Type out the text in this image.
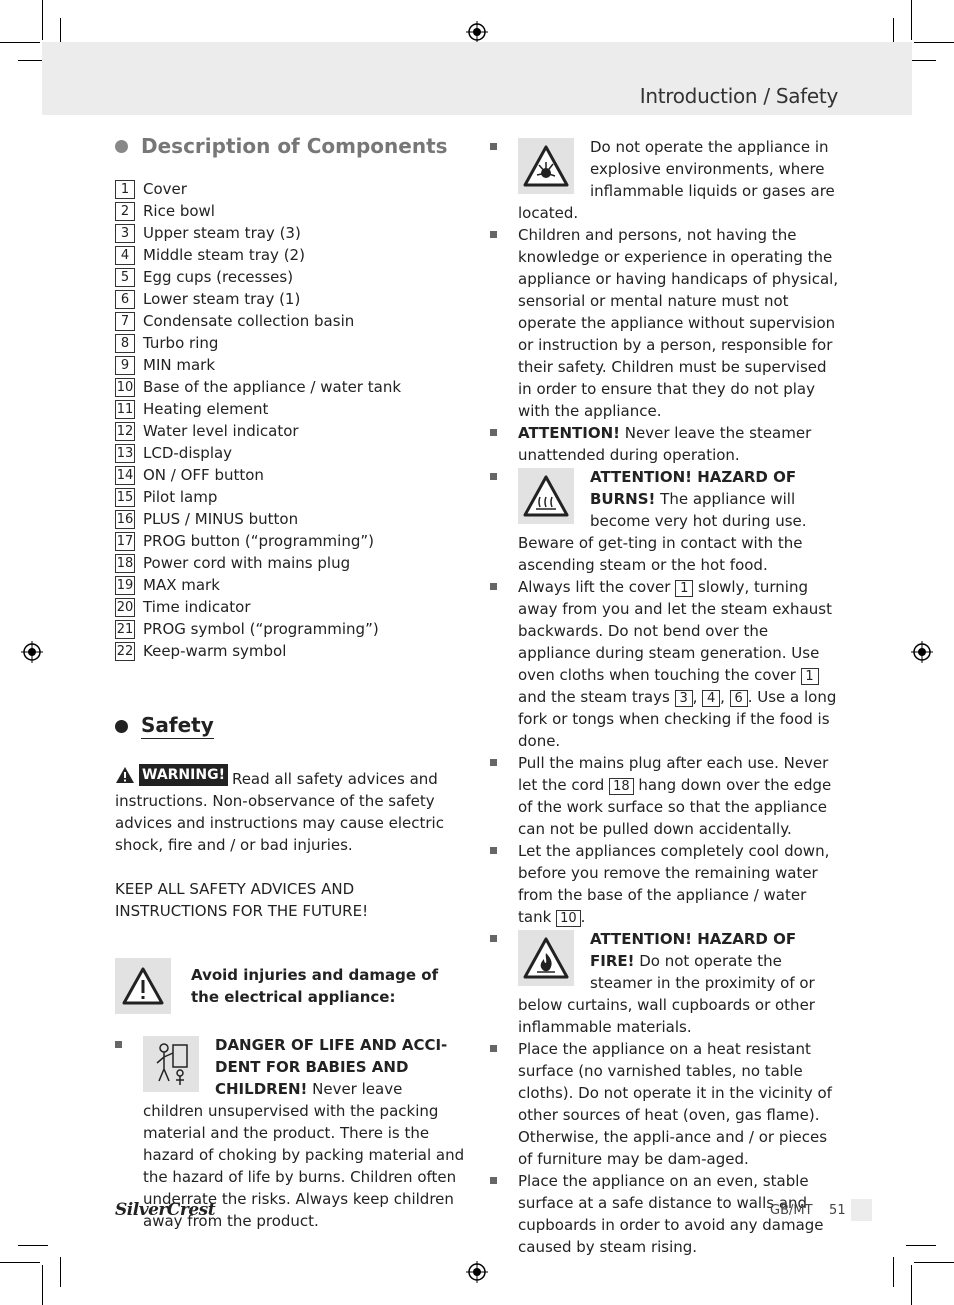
Introduction / Safety
Description of Components
1 Cover
2 Rice bowl
3 Upper steam tray (3)
4 Middle steam tray (2)
5 Egg cups (recesses)
6 Lower steam tray (1)
7 Condensate collection basin
8 Turbo ring
9 MIN mark
10 Base of the appliance / water tank
11 Heating element
12 Water level indicator
13 LCD-display
14 ON / OFF button
15 Pilot lamp
16 PLUS / MINUS button
17 PROG button (“programming”)
18 Power cord with mains plug
19 MAX mark
20 Time indicator
21 PROG symbol (“programming”)
22 Keep-warm symbol
Safety
WARNING! Read all safety advices and instructions. Non-observance of the safety advices and instructions may cause electric shock, fire and / or bad injuries.
KEEP ALL SAFETY ADVICES AND INSTRUCTIONS FOR THE FUTURE!
Avoid injuries and damage of the electrical appliance:
DANGER OF LIFE AND ACCI-DENT FOR BABIES AND CHILDREN! Never leave children unsupervised with the packing material and the product. There is the hazard of choking by packing material and the hazard of life by burns. Children often underrate the risks. Always keep children away from the product.
Do not operate the appliance in explosive environments, where inflammable liquids or gases are located.
Children and persons, not having the knowledge or experience in operating the appliance or having handicaps of physical, sensorial or mental nature must not operate the appliance without supervision or instruction by a person, responsible for their safety. Children must be supervised in order to ensure that they do not play with the appliance.
ATTENTION! Never leave the steamer unattended during operation.
ATTENTION! HAZARD OF BURNS! The appliance will become very hot during use. Beware of get-ting in contact with the ascending steam or the hot food.
Always lift the cover 1 slowly, turning away from you and let the steam exhaust backwards. Do not bend over the appliance during steam generation. Use oven cloths when touching the cover 1 and the steam trays 3 , 4 , 6 . Use a long fork or tongs when checking if the food is done.
Pull the mains plug after each use. Never let the cord 18 hang down over the edge of the work surface so that the appliance can not be pulled down accidentally.
Let the appliances completely cool down, before you remove the remaining water from the base of the appliance / water tank 10 .
ATTENTION! HAZARD OF FIRE! Do not operate the steamer in the proximity of or below curtains, wall cupboards or other inflammable materials.
Place the appliance on a heat resistant surface (no varnished tables, no table cloths). Do not operate it in the vicinity of other sources of heat (oven, gas flame). Otherwise, the appli-ance and / or pieces of furniture may be dam-aged.
Place the appliance on an even, stable surface at a safe distance to walls and cupboards in order to avoid any damage caused by steam rising.
SilverCrest	GB/MT    51
